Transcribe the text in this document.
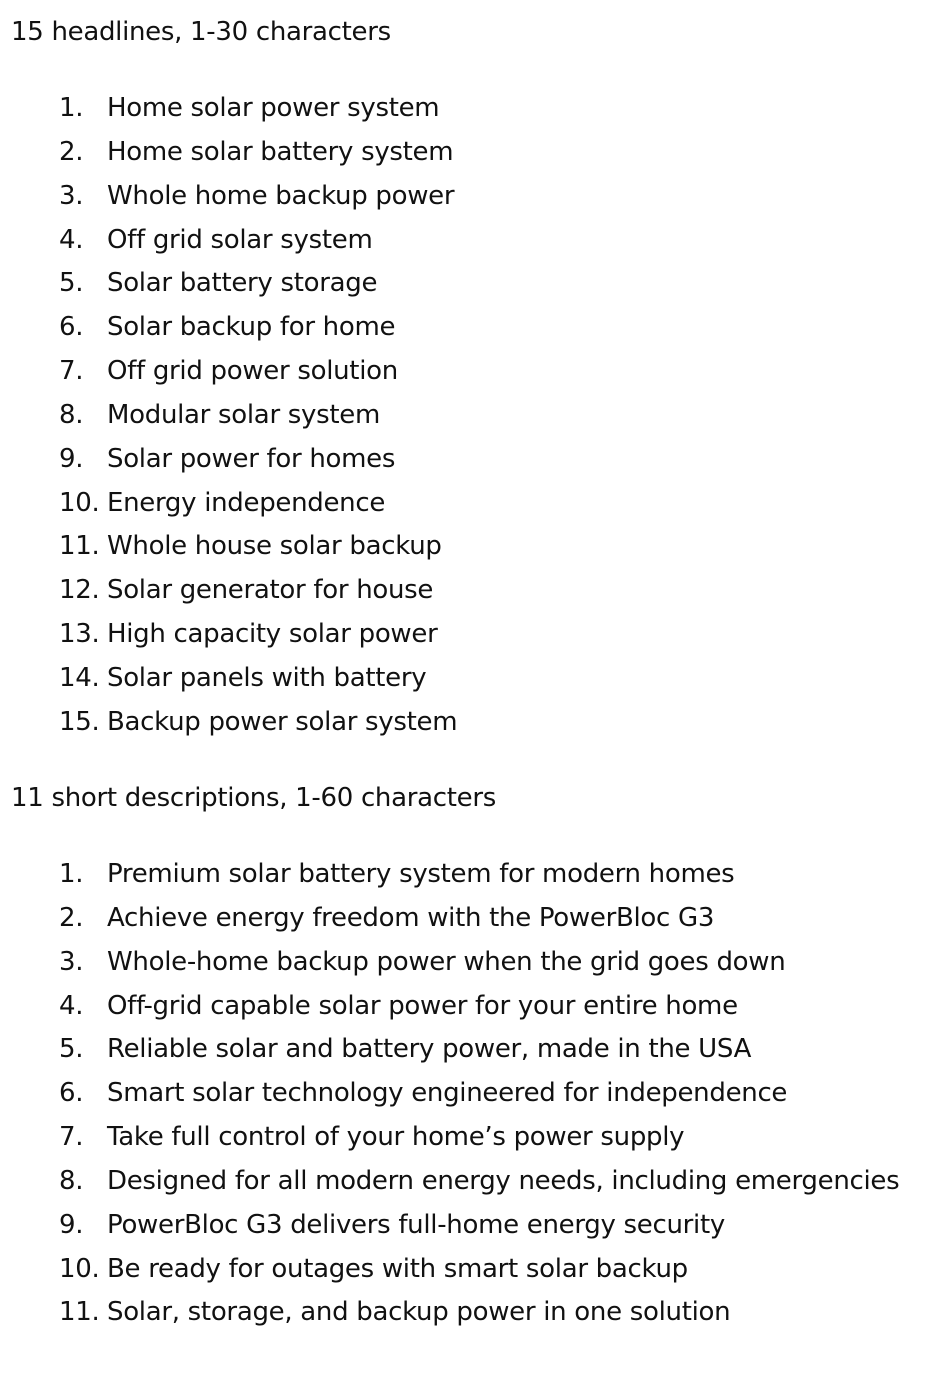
15 headlines, 1-30 characters
1. Home solar power system
2. Home solar battery system
3. Whole home backup power
4. Off grid solar system
5. Solar battery storage
6. Solar backup for home
7. Off grid power solution
8. Modular solar system
9. Solar power for homes
10. Energy independence
11. Whole house solar backup
12. Solar generator for house
13. High capacity solar power
14. Solar panels with battery
15. Backup power solar system
11 short descriptions, 1-60 characters
1. Premium solar battery system for modern homes
2. Achieve energy freedom with the PowerBloc G3
3. Whole-home backup power when the grid goes down
4. Off-grid capable solar power for your entire home
5. Reliable solar and battery power, made in the USA
6. Smart solar technology engineered for independence
7. Take full control of your home’s power supply
8. Designed for all modern energy needs, including emergencies
9. PowerBloc G3 delivers full-home energy security
10. Be ready for outages with smart solar backup
11. Solar, storage, and backup power in one solution
